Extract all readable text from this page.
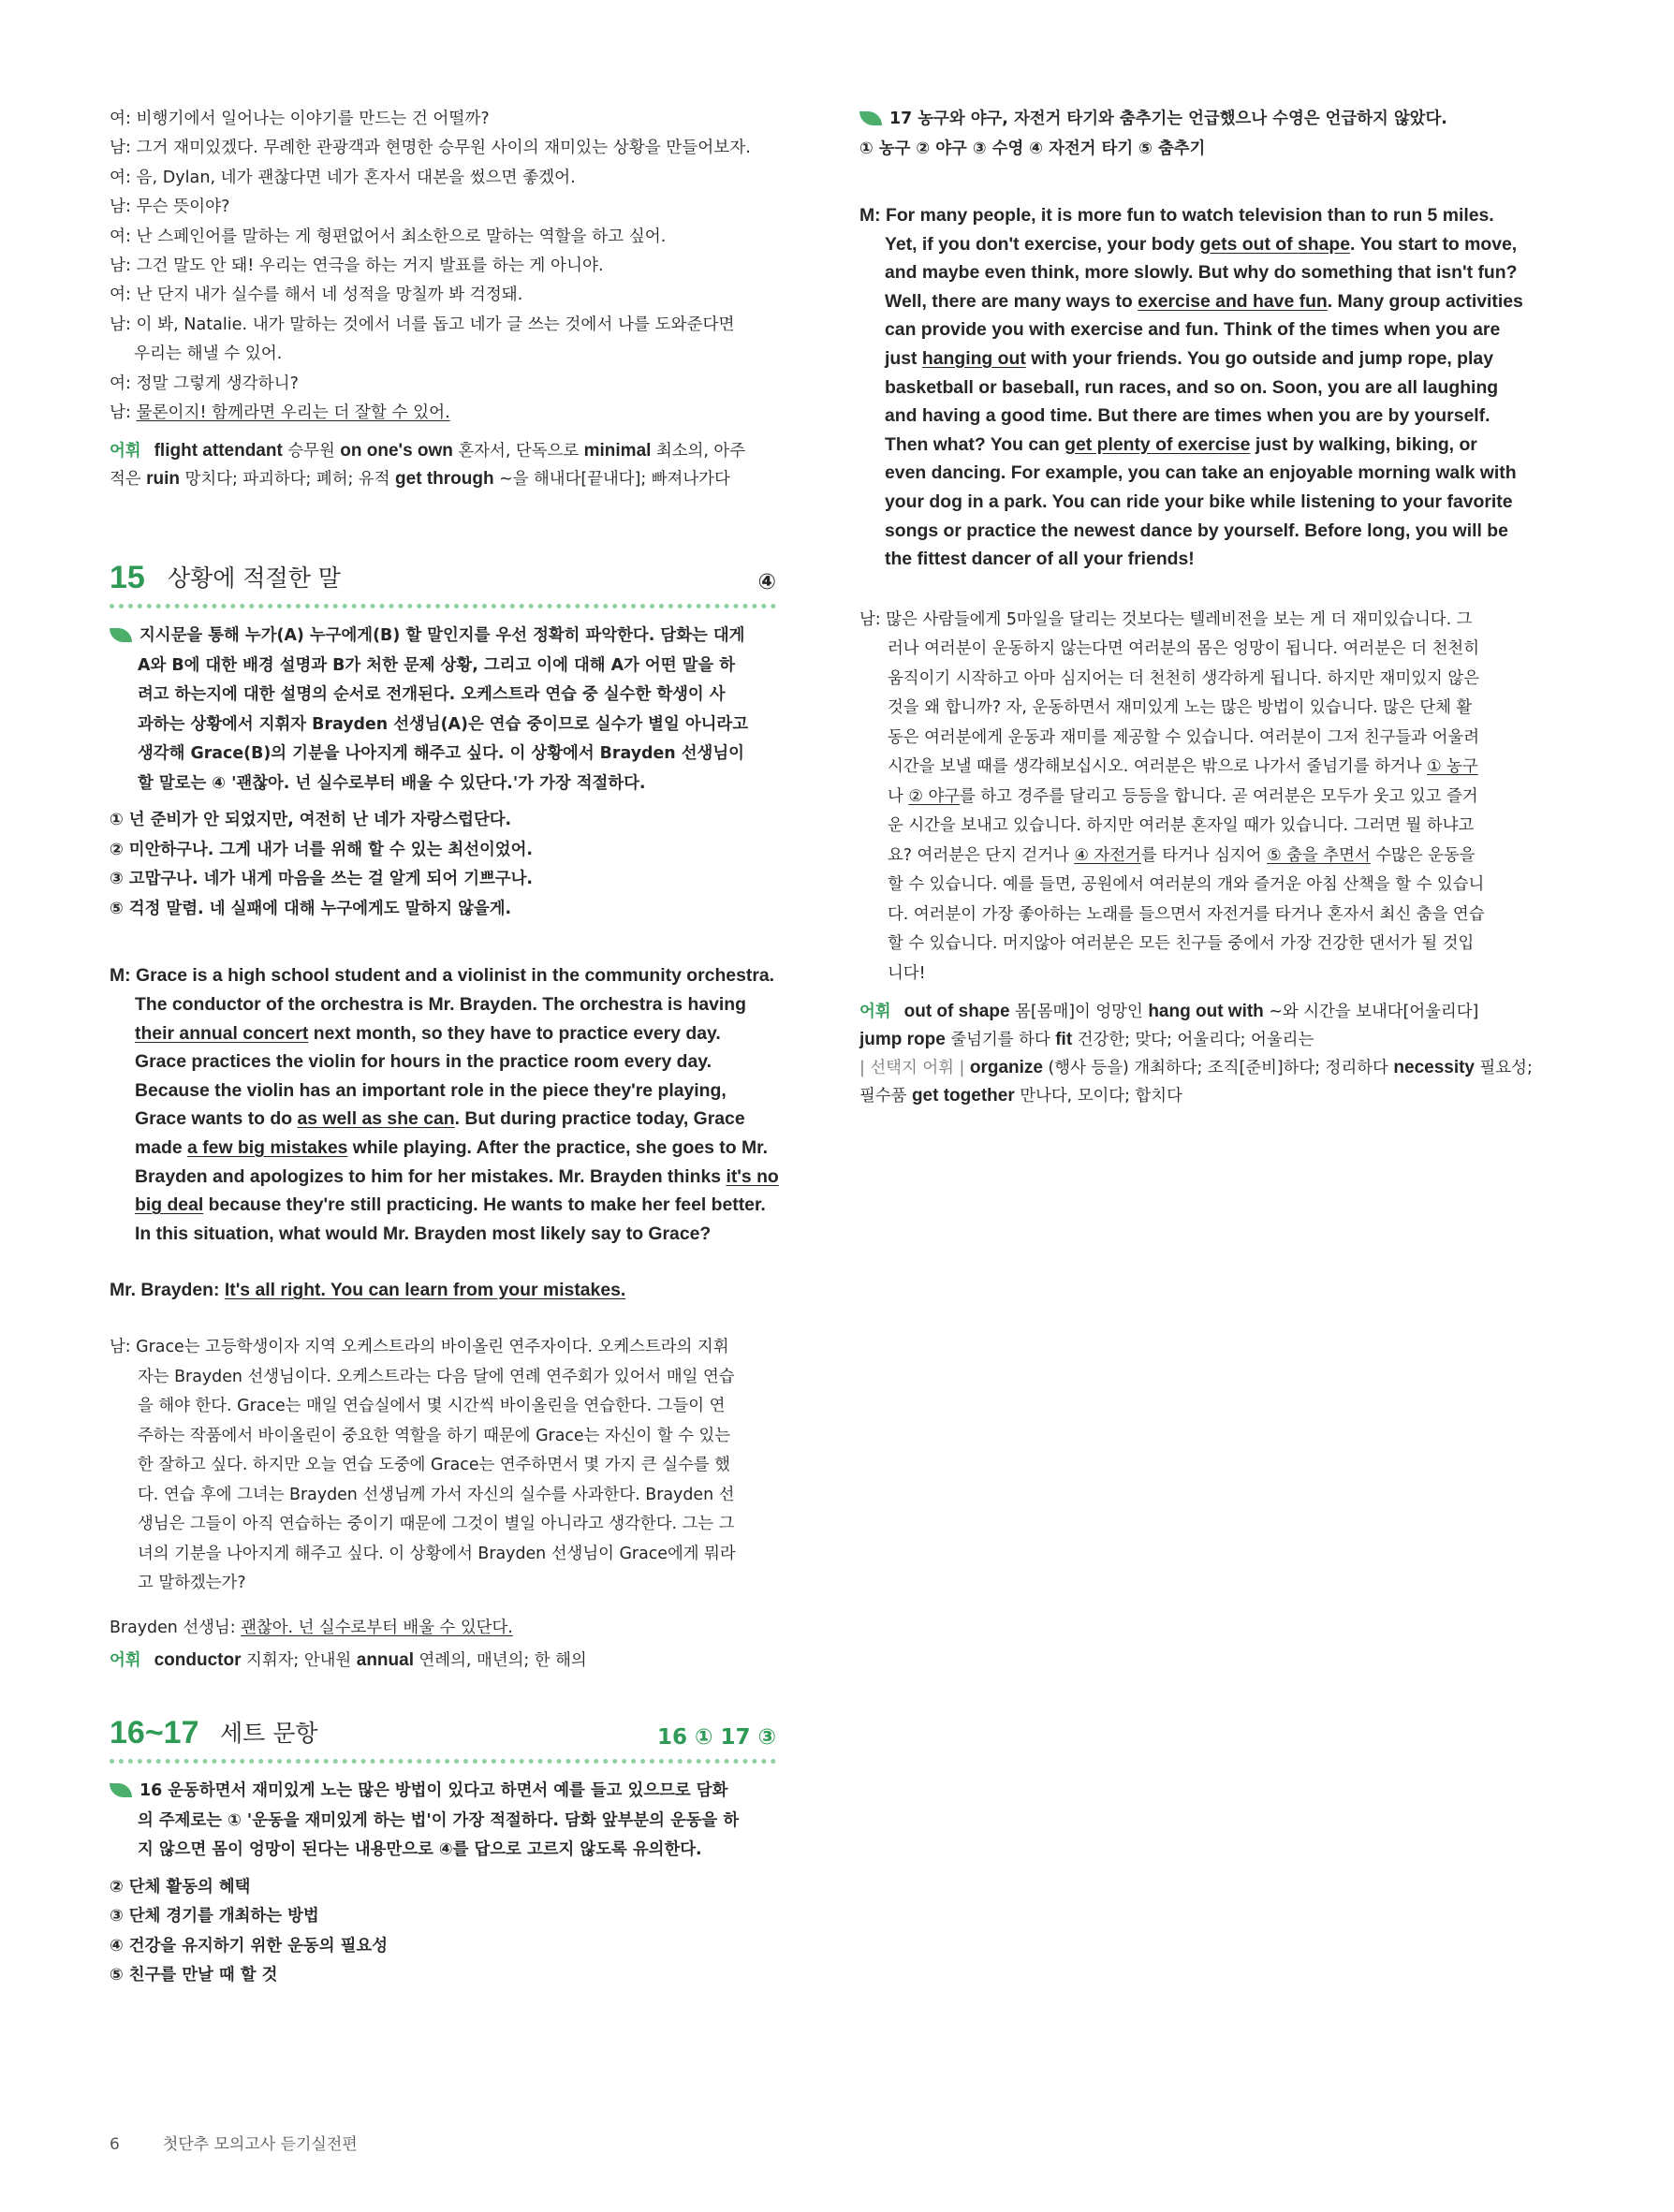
여: 비행기에서 일어나는 이야기를 만드는 건 어떨까?

남: 그거 재미있겠다. 무례한 관광객과 현명한 승무원 사이의 재미있는 상황을 만들어보자.

여: 음, Dylan, 네가 괜찮다면 네가 혼자서 대본을 썼으면 좋겠어.

남: 무슨 뜻이야?

여: 난 스페인어를 말하는 게 형편없어서 최소한으로 말하는 역할을 하고 싶어.

남: 그건 말도 안 돼! 우리는 연극을 하는 거지 발표를 하는 게 아니야.

여: 난 단지 내가 실수를 해서 네 성적을 망칠까 봐 걱정돼.

남: 이 봐, Natalie. 내가 말하는 것에서 너를 돕고 네가 글 쓰는 것에서 나를 도와준다면

우리는 해낼 수 있어.

여: 정말 그렇게 생각하니?

남: 물론이지! 함께라면 우리는 더 잘할 수 있어.

어휘 flight attendant 승무원 on one's own 혼자서, 단독으로 minimal 최소의, 아주

적은 ruin 망치다; 파괴하다; 폐허; 유적 get through ~을 해내다[끝내다]; 빠져나가다

15 상황에 적절한 말	④

지시문을 통해 누가(A) 누구에게(B) 할 말인지를 우선 정확히 파악한다. 담화는 대게

A와 B에 대한 배경 설명과 B가 처한 문제 상황, 그리고 이에 대해 A가 어떤 말을 하

려고 하는지에 대한 설명의 순서로 전개된다. 오케스트라 연습 중 실수한 학생이 사

과하는 상황에서 지휘자 Brayden 선생님(A)은 연습 중이므로 실수가 별일 아니라고

생각해 Grace(B)의 기분을 나아지게 해주고 싶다. 이 상황에서 Brayden 선생님이

할 말로는 ④ '괜찮아. 넌 실수로부터 배울 수 있단다.'가 가장 적절하다.

① 넌 준비가 안 되었지만, 여전히 난 네가 자랑스럽단다.

② 미안하구나. 그게 내가 너를 위해 할 수 있는 최선이었어.

③ 고맙구나. 네가 내게 마음을 쓰는 걸 알게 되어 기쁘구나.

⑤ 걱정 말렴. 네 실패에 대해 누구에게도 말하지 않을게.

M: Grace is a high school student and a violinist in the community orchestra.

The conductor of the orchestra is Mr. Brayden. The orchestra is having

their annual concert next month, so they have to practice every day.

Grace practices the violin for hours in the practice room every day.

Because the violin has an important role in the piece they're playing,

Grace wants to do as well as she can. But during practice today, Grace

made a few big mistakes while playing. After the practice, she goes to Mr.

Brayden and apologizes to him for her mistakes. Mr. Brayden thinks it's no

big deal because they're still practicing. He wants to make her feel better.

In this situation, what would Mr. Brayden most likely say to Grace?

Mr. Brayden: It's all right. You can learn from your mistakes.

남: Grace는 고등학생이자 지역 오케스트라의 바이올린 연주자이다. 오케스트라의 지휘

자는 Brayden 선생님이다. 오케스트라는 다음 달에 연례 연주회가 있어서 매일 연습

을 해야 한다. Grace는 매일 연습실에서 몇 시간씩 바이올린을 연습한다. 그들이 연

주하는 작품에서 바이올린이 중요한 역할을 하기 때문에 Grace는 자신이 할 수 있는

한 잘하고 싶다. 하지만 오늘 연습 도중에 Grace는 연주하면서 몇 가지 큰 실수를 했

다. 연습 후에 그녀는 Brayden 선생님께 가서 자신의 실수를 사과한다. Brayden 선

생님은 그들이 아직 연습하는 중이기 때문에 그것이 별일 아니라고 생각한다. 그는 그

녀의 기분을 나아지게 해주고 싶다. 이 상황에서 Brayden 선생님이 Grace에게 뭐라

고 말하겠는가?

Brayden 선생님: 괜찮아. 넌 실수로부터 배울 수 있단다.

어휘 conductor 지휘자; 안내원 annual 연례의, 매년의; 한 해의

16~17 세트 문항	16 ① 17 ③

16 운동하면서 재미있게 노는 많은 방법이 있다고 하면서 예를 들고 있으므로 담화

의 주제로는 ① '운동을 재미있게 하는 법'이 가장 적절하다. 담화 앞부분의 운동을 하

지 않으면 몸이 엉망이 된다는 내용만으로 ④를 답으로 고르지 않도록 유의한다.

② 단체 활동의 혜택

③ 단체 경기를 개최하는 방법

④ 건강을 유지하기 위한 운동의 필요성

⑤ 친구를 만날 때 할 것

17 농구와 야구, 자전거 타기와 춤추기는 언급했으나 수영은 언급하지 않았다.

① 농구 ② 야구 ③ 수영 ④ 자전거 타기 ⑤ 춤추기

M: For many people, it is more fun to watch television than to run 5 miles.

Yet, if you don't exercise, your body gets out of shape. You start to move,

and maybe even think, more slowly. But why do something that isn't fun?

Well, there are many ways to exercise and have fun. Many group activities

can provide you with exercise and fun. Think of the times when you are

just hanging out with your friends. You go outside and jump rope, play

basketball or baseball, run races, and so on. Soon, you are all laughing

and having a good time. But there are times when you are by yourself.

Then what? You can get plenty of exercise just by walking, biking, or

even dancing. For example, you can take an enjoyable morning walk with

your dog in a park. You can ride your bike while listening to your favorite

songs or practice the newest dance by yourself. Before long, you will be

the fittest dancer of all your friends!

남: 많은 사람들에게 5마일을 달리는 것보다는 텔레비전을 보는 게 더 재미있습니다. 그

러나 여러분이 운동하지 않는다면 여러분의 몸은 엉망이 됩니다. 여러분은 더 천천히

움직이기 시작하고 아마 심지어는 더 천천히 생각하게 됩니다. 하지만 재미있지 않은

것을 왜 합니까? 자, 운동하면서 재미있게 노는 많은 방법이 있습니다. 많은 단체 활

동은 여러분에게 운동과 재미를 제공할 수 있습니다. 여러분이 그저 친구들과 어울려

시간을 보낼 때를 생각해보십시오. 여러분은 밖으로 나가서 줄넘기를 하거나 ① 농구

나 ② 야구를 하고 경주를 달리고 등등을 합니다. 곧 여러분은 모두가 웃고 있고 즐거

운 시간을 보내고 있습니다. 하지만 여러분 혼자일 때가 있습니다. 그러면 뭘 하냐고

요? 여러분은 단지 걷거나 ④ 자전거를 타거나 심지어 ⑤ 춤을 추면서 수많은 운동을

할 수 있습니다. 예를 들면, 공원에서 여러분의 개와 즐거운 아침 산책을 할 수 있습니

다. 여러분이 가장 좋아하는 노래를 들으면서 자전거를 타거나 혼자서 최신 춤을 연습

할 수 있습니다. 머지않아 여러분은 모든 친구들 중에서 가장 건강한 댄서가 될 것입

니다!

어휘 out of shape 몸[몸매]이 엉망인 hang out with ~와 시간을 보내다[어울리다]

jump rope 줄넘기를 하다 fit 건강한; 맞다; 어울리다; 어울리는

| 선택지 어휘 | organize (행사 등을) 개최하다; 조직[준비]하다; 정리하다 necessity 필요성;

필수품 get together 만나다, 모이다; 합치다

6	첫단추 모의고사 듣기실전편
